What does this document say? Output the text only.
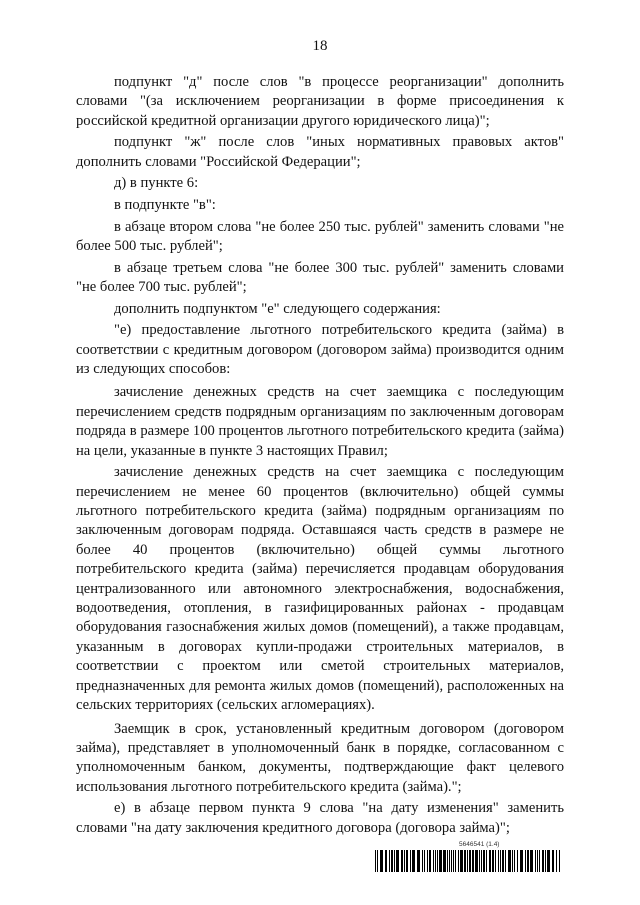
18

подпункт "д" после слов "в процессе реорганизации" дополнить словами "(за исключением реорганизации в форме присоединения к российской кредитной организации другого юридического лица)";

подпункт "ж" после слов "иных нормативных правовых актов" дополнить словами "Российской Федерации";

д) в пункте 6:

в подпункте "в":

в абзаце втором слова "не более 250 тыс. рублей" заменить словами "не более 500 тыс. рублей";

в абзаце третьем слова "не более 300 тыс. рублей" заменить словами "не более 700 тыс. рублей";

дополнить подпунктом "е" следующего содержания:

"е) предоставление льготного потребительского кредита (займа) в соответствии с кредитным договором (договором займа) производится одним из следующих способов:

зачисление денежных средств на счет заемщика с последующим перечислением средств подрядным организациям по заключенным договорам подряда в размере 100 процентов льготного потребительского кредита (займа) на цели, указанные в пункте 3 настоящих Правил;

зачисление денежных средств на счет заемщика с последующим перечислением не менее 60 процентов (включительно) общей суммы льготного потребительского кредита (займа) подрядным организациям по заключенным договорам подряда. Оставшаяся часть средств в размере не более 40 процентов (включительно) общей суммы льготного потребительского кредита (займа) перечисляется продавцам оборудования централизованного или автономного электроснабжения, водоснабжения, водоотведения, отопления, в газифицированных районах - продавцам оборудования газоснабжения жилых домов (помещений), а также продавцам, указанным в договорах купли-продажи строительных материалов, в соответствии с проектом или сметой строительных материалов, предназначенных для ремонта жилых домов (помещений), расположенных на сельских территориях (сельских агломерациях).

Заемщик в срок, установленный кредитным договором (договором займа), представляет в уполномоченный банк в порядке, согласованном с уполномоченным банком, документы, подтверждающие факт целевого использования льготного потребительского кредита (займа).";

е) в абзаце первом пункта 9 слова "на дату изменения" заменить словами "на дату заключения кредитного договора (договора займа)";

5646541 (1.4)
